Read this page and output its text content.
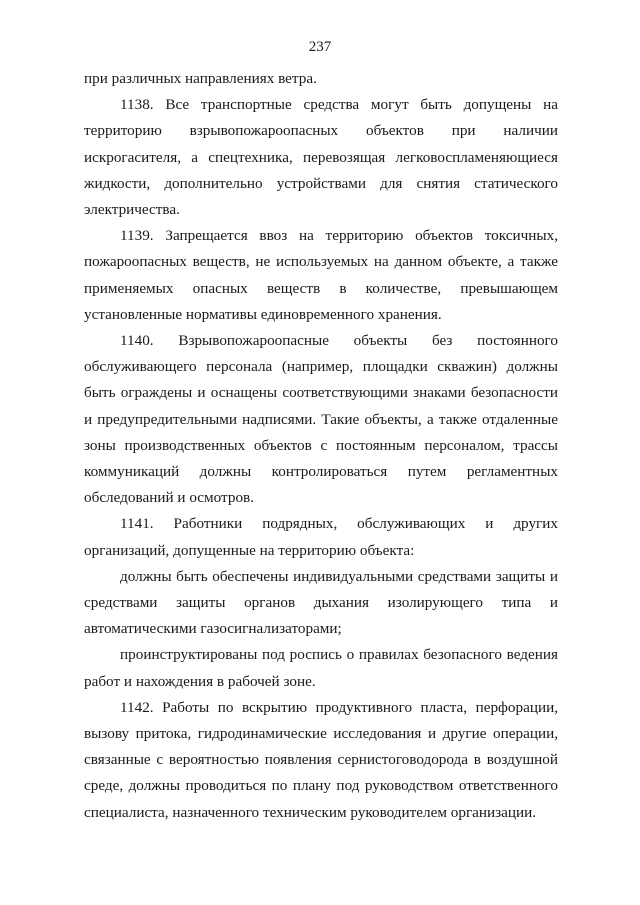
237

при различных направлениях ветра.

1138. Все транспортные средства могут быть допущены на территорию взрывопожароопасных объектов при наличии искрогасителя, а спецтехника, перевозящая легковоспламеняющиеся жидкости, дополнительно устройствами для снятия статического электричества.

1139. Запрещается ввоз на территорию объектов токсичных, пожароопасных веществ, не используемых на данном объекте, а также применяемых опасных веществ в количестве, превышающем установленные нормативы единовременного хранения.

1140. Взрывопожароопасные объекты без постоянного обслуживающего персонала (например, площадки скважин) должны быть ограждены и оснащены соответствующими знаками безопасности и предупредительными надписями. Такие объекты, а также отдаленные зоны производственных объектов с постоянным персоналом, трассы коммуникаций должны контролироваться путем регламентных обследований и осмотров.

1141. Работники подрядных, обслуживающих и других организаций, допущенные на территорию объекта:

должны быть обеспечены индивидуальными средствами защиты и средствами защиты органов дыхания изолирующего типа и автоматическими газосигнализаторами;

проинструктированы под роспись о правилах безопасного ведения работ и нахождения в рабочей зоне.

1142. Работы по вскрытию продуктивного пласта, перфорации, вызову притока, гидродинамические исследования и другие операции, связанные с вероятностью появления сернистоговодорода в воздушной среде, должны проводиться по плану под руководством ответственного специалиста, назначенного техническим руководителем организации.
